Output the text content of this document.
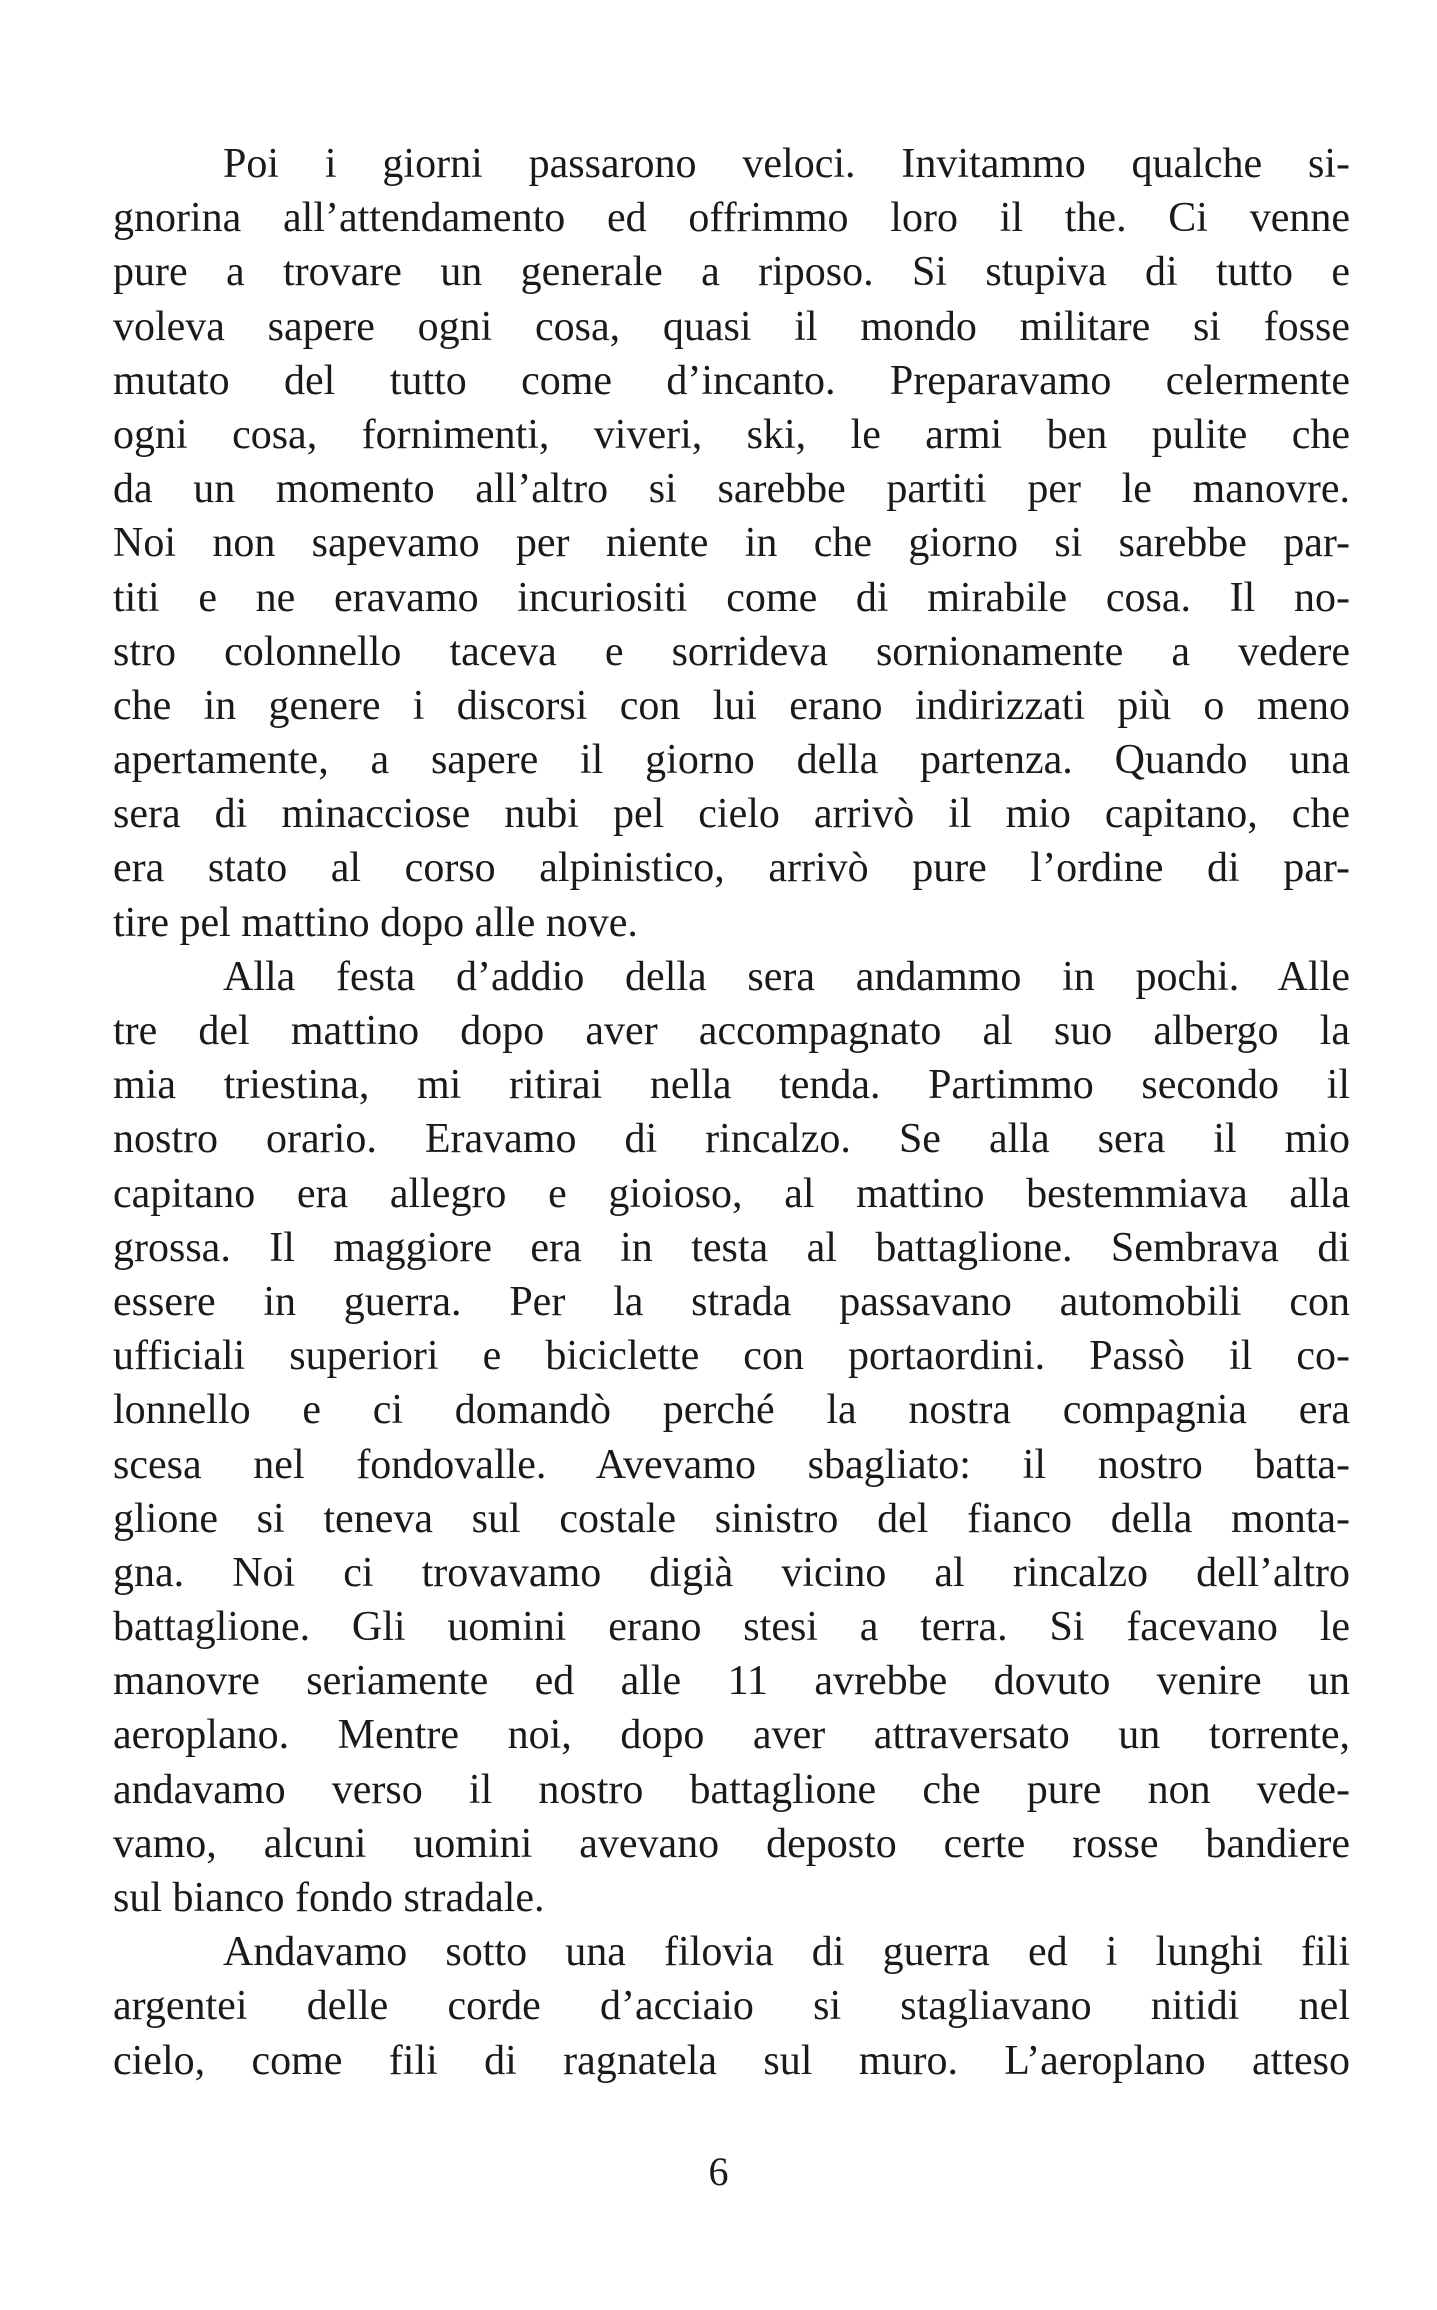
Poi i giorni passarono veloci. Invitammo qualche si-
gnorina all’attendamento ed offrimmo loro il the. Ci venne
pure a trovare un generale a riposo. Si stupiva di tutto e
voleva sapere ogni cosa, quasi il mondo militare si fosse
mutato del tutto come d’incanto. Preparavamo celermente
ogni cosa, fornimenti, viveri, ski, le armi ben pulite che
da un momento all’altro si sarebbe partiti per le manovre.
Noi non sapevamo per niente in che giorno si sarebbe par-
titi e ne eravamo incuriositi come di mirabile cosa. Il no-
stro colonnello taceva e sorrideva sornionamente a vedere
che in genere i discorsi con lui erano indirizzati più o meno
apertamente, a sapere il giorno della partenza. Quando una
sera di minacciose nubi pel cielo arrivò il mio capitano, che
era stato al corso alpinistico, arrivò pure l’ordine di par-
tire pel mattino dopo alle nove.
Alla festa d’addio della sera andammo in pochi. Alle
tre del mattino dopo aver accompagnato al suo albergo la
mia triestina, mi ritirai nella tenda. Partimmo secondo il
nostro orario. Eravamo di rincalzo. Se alla sera il mio
capitano era allegro e gioioso, al mattino bestemmiava alla
grossa. Il maggiore era in testa al battaglione. Sembrava di
essere in guerra. Per la strada passavano automobili con
ufficiali superiori e biciclette con portaordini. Passò il co-
lonnello e ci domandò perché la nostra compagnia era
scesa nel fondovalle. Avevamo sbagliato: il nostro batta-
glione si teneva sul costale sinistro del fianco della monta-
gna. Noi ci trovavamo digià vicino al rincalzo dell’altro
battaglione. Gli uomini erano stesi a terra. Si facevano le
manovre seriamente ed alle 11 avrebbe dovuto venire un
aeroplano. Mentre noi, dopo aver attraversato un torrente,
andavamo verso il nostro battaglione che pure non vede-
vamo, alcuni uomini avevano deposto certe rosse bandiere
sul bianco fondo stradale.
Andavamo sotto una filovia di guerra ed i lunghi fili
argentei delle corde d’acciaio si stagliavano nitidi nel
cielo, come fili di ragnatela sul muro. L’aeroplano atteso
6
